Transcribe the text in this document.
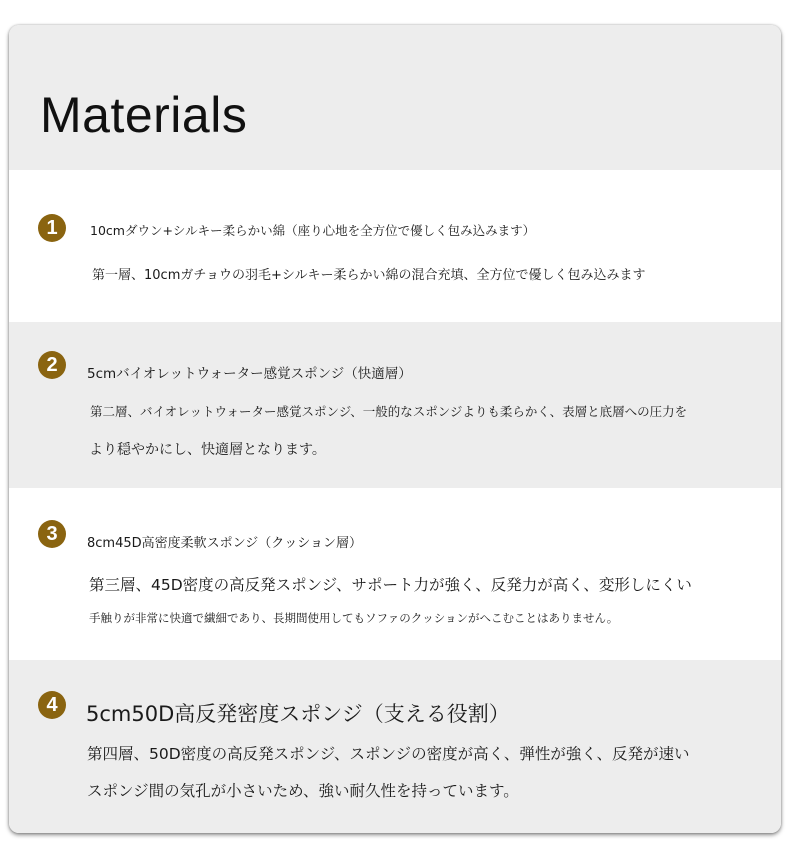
Materials
1	10cmダウン+シルキー柔らかい綿（座り心地を全方位で優しく包み込みます）
第一層、10cmガチョウの羽毛+シルキー柔らかい綿の混合充填、全方位で優しく包み込みます
2	5cmバイオレットウォーター感覚スポンジ（快適層）
第二層、バイオレットウォーター感覚スポンジ、一般的なスポンジよりも柔らかく、表層と底層への圧力を
より穏やかにし、快適層となります。
3	8cm45D高密度柔軟スポンジ（クッション層）
第三層、45D密度の高反発スポンジ、サポート力が強く、反発力が高く、変形しにくい
手触りが非常に快適で繊細であり、長期間使用してもソファのクッションがへこむことはありません。
4	5cm50D高反発密度スポンジ（支える役割）
第四層、50D密度の高反発スポンジ、スポンジの密度が高く、弾性が強く、反発が速い
スポンジ間の気孔が小さいため、強い耐久性を持っています。
